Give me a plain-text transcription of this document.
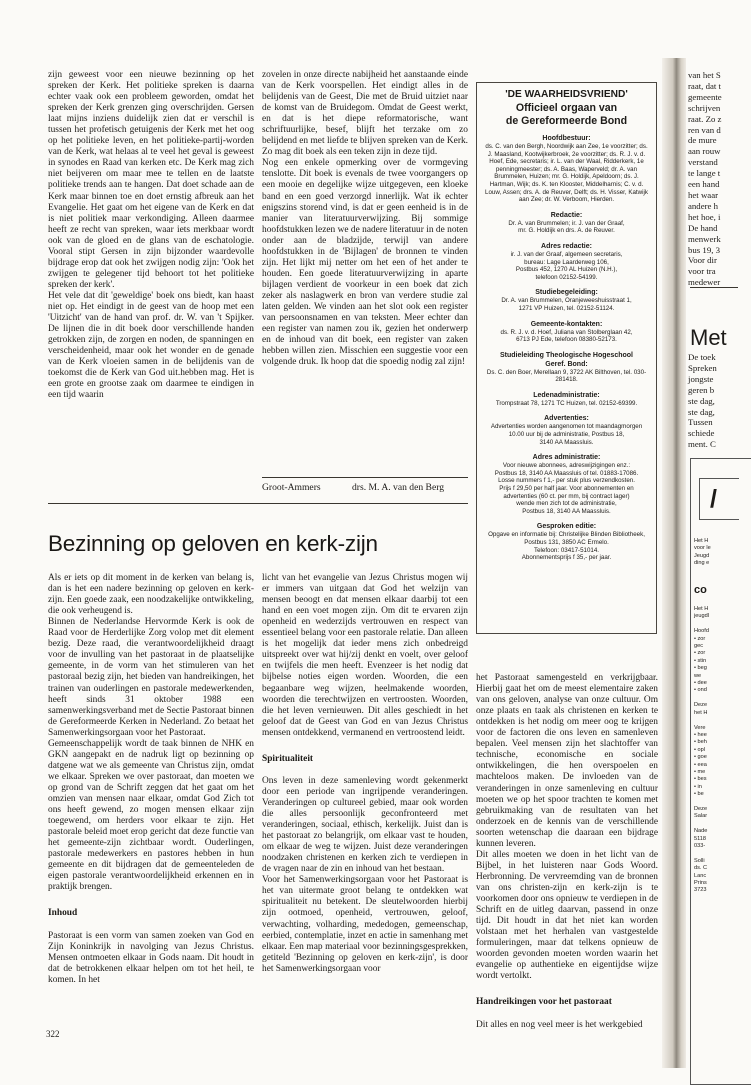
zijn geweest voor een nieuwe bezinning op het spreken der Kerk. Het politieke spreken is daarna echter vaak ook een probleem geworden, omdat het spreken der Kerk grenzen ging overschrijden. Gersen laat mijns inziens duidelijk zien dat er verschil is tussen het profetisch getuigenis der Kerk met het oog op het politieke leven, en het politieke-partij-worden van de Kerk, wat helaas al te veel het geval is geweest in synodes en Raad van kerken etc. De Kerk mag zich niet beijveren om maar mee te tellen en de laatste politieke trends aan te hangen. Dat doet schade aan de Kerk maar binnen toe en doet ernstig afbreuk aan het Evangelie. Het gaat om het eigene van de Kerk en dat is niet politiek maar verkondiging. Alleen daarmee heeft ze recht van spreken, waar iets merkbaar wordt ook van de gloed en de glans van de eschatologie. Vooral stipt Gersen in zijn bijzonder waardevolle bijdrage erop dat ook het zwijgen nodig zijn: 'Ook het zwijgen te gelegener tijd behoort tot het politieke spreken der kerk'.
Het vele dat dit 'geweldige' boek ons biedt, kan haast niet op. Het eindigt in de geest van de hoop met een 'Uitzicht' van de hand van prof. dr. W. van 't Spijker. De lijnen die in dit boek door verschillende handen getrokken zijn, de zorgen en noden, de spanningen en verscheidenheid, maar ook het wonder en de genade van de Kerk vloeien samen in de belijdenis van de toekomst die de Kerk van God uit.hebben mag. Het is een grote en grootse zaak om daarmee te eindigen in een tijd waarin
zovelen in onze directe nabijheid het aanstaande einde van de Kerk voorspellen. Het eindigt alles in de belijdenis van de Geest, Die met de Bruid uitziet naar de komst van de Bruidegom. Omdat de Geest werkt, en dat is het diepe reformatorische, want schriftuurlijke, besef, blijft het terzake om zo belijdend en met liefde te blijven spreken van de Kerk. Zo mag dit boek als een teken zijn in deze tijd.
Nog een enkele opmerking over de vormgeving tenslotte. Dit boek is evenals de twee voorgangers op een mooie en degelijke wijze uitgegeven, een kloeke band en een goed verzorgd innerlijk. Wat ik echter enigszins storend vind, is dat er geen eenheid is in de manier van literatuurverwijzing. Bij sommige hoofdstukken lezen we de nadere literatuur in de noten onder aan de bladzijde, terwijl van andere hoofdstukken in de 'Bijlagen' de bronnen te vinden zijn. Het lijkt mij netter om het een of het ander te houden. Een goede literatuurverwijzing in aparte bijlagen verdient de voorkeur in een boek dat zich zeker als naslagwerk en bron van verdere studie zal laten gelden. We vinden aan het slot ook een register van persoonsnamen en van teksten. Meer echter dan een register van namen zou ik, gezien het onderwerp en de inhoud van dit boek, een register van zaken hebben willen zien. Misschien een suggestie voor een volgende druk. Ik hoop dat die spoedig nodig zal zijn!
Groot-Ammers	drs. M. A. van den Berg
'DE WAARHEIDSVRIEND'
Officieel orgaan van
de Gereformeerde Bond
Hoofdbestuur:
ds. C. van den Bergh, Noordwijk aan Zee, 1e voorzitter; ds. J. Maasland, Kootwijkerbroek, 2e voorzitter; ds. R. J. v. d. Hoef, Ede, secretaris; ir. L. van der Waal, Ridderkerk, 1e penningmeester; ds. A. Baas, Waperveld; dr. A. van Brummelen, Huizen; mr. G. Holdijk, Apeldoorn; ds. J. Hartman, Wijk; ds. K. ten Klooster, Middelharnis; C. v. d. Louw, Assen; drs. A. de Reuver, Delft; ds. H. Visser, Katwijk aan Zee; dr. W. Verboom, Hierden.
Redactie:
Dr. A. van Brummelen; ir. J. van der Graaf,
mr. G. Holdijk en drs. A. de Reuver.
Adres redactie:
ir. J. van der Graaf, algemeen secretaris,
bureau: Lage Laarderweg 106,
Postbus 452, 1270 AL Huizen (N.H.),
telefoon 02152-54199.
Studiebegeleiding:
Dr. A. van Brummelen, Oranjeweeshuisstraat 1,
1271 VP Huizen, tel. 02152-51124.
Gemeente-kontakten:
ds. R. J. v. d. Hoef, Juliana van Stolberglaan 42,
6713 PJ Ede, telefoon 08380-52173.
Studieleiding Theologische Hogeschool
Geref. Bond:
Ds. C. den Boer, Merellaan 9, 3722 AK Bilthoven, tel. 030-281418.
Ledenadministratie:
Trompstraat 78, 1271 TC Huizen, tel. 02152-69399.
Advertenties:
Advertenties worden aangenomen tot maandagmorgen 10.00 uur bij de administratie, Postbus 18,
3140 AA Maassluis.
Adres administratie:
Voor nieuwe abonnees, adreswijzigingen enz.:
Postbus 18, 3140 AA Maassluis of tel. 01883-17086.
Losse nummers f 1,- per stuk plus verzendkosten.
Prijs f 29,50 per half jaar. Voor abonnementen en advertenties (60 ct. per mm, bij contract lager)
wende men zich tot de administratie,
Postbus 18, 3140 AA Maassluis.
Gesproken editie:
Opgave en informatie bij: Christelijke Blinden Bibliotheek, Postbus 131, 3850 AC Ermelo.
Telefoon: 03417-51014.
Abonnementsprijs f 35,- per jaar.
Bezinning op geloven en kerk-zijn

Als er iets op dit moment in de kerken van belang is, dan is het een nadere bezinning op geloven en kerk-zijn. Een goede zaak, een noodzakelijke ontwikkeling, die ook verheugend is.
Binnen de Nederlandse Hervormde Kerk is ook de Raad voor de Herderlijke Zorg volop met dit element bezig. Deze raad, die verantwoordelijkheid draagt voor de invulling van het pastoraat in de plaatselijke gemeente, in de vorm van het stimuleren van het pastoraal bezig zijn, het bieden van handreikingen, het trainen van ouderlingen en pastorale medewerkenden, heeft sinds 31 oktober 1988 een samenwerkingsverband met de Sectie Pastoraat binnen de Gereformeerde Kerken in Nederland. Zo betaat het Samenwerkingsorgaan voor het Pastoraat.
Gemeenschappelijk wordt de taak binnen de NHK en GKN aangepakt en de nadruk ligt op bezinning op datgene wat we als gemeente van Christus zijn, omdat we elkaar. Spreken we over pastoraat, dan moeten we op grond van de Schrift zeggen dat het gaat om het omzien van mensen naar elkaar, omdat God Zich tot ons heeft gewend, zo mogen mensen elkaar zijn toegewend, om herders voor elkaar te zijn. Het pastorale beleid moet erop gericht dat deze functie van het gemeente-zijn zichtbaar wordt. Ouderlingen, pastorale medewerkers en pastores hebben in hun gemeente en dit bijdragen dat de gemeenteleden de eigen pastorale verantwoordelijkheid erkennen en in praktijk brengen.

Inhoud

Pastoraat is een vorm van samen zoeken van God en Zijn Koninkrijk in navolging van Jezus Christus. Mensen ontmoeten elkaar in Gods naam. Dit houdt in dat de betrokkenen elkaar helpen om tot het heil, te komen. In het

licht van het evangelie van Jezus Christus mogen wij er immers van uitgaan dat God het welzijn van mensen beoogt en dat mensen elkaar daarbij tot een hand en een voet mogen zijn. Om dit te ervaren zijn openheid en wederzijds vertrouwen en respect van essentieel belang voor een pastorale relatie. Dan alleen is het mogelijk dat ieder mens zich onbedreigd uitspreekt over wat hij/zij denkt en voelt, over geloof en twijfels die men heeft. Evenzeer is het nodig dat bijbelse noties eigen worden. Woorden, die een begaanbare weg wijzen, heelmakende woorden, woorden die terechtwijzen en vertroosten. Woorden, die het leven vernieuwen. Dit alles geschiedt in het geloof dat de Geest van God en van Jezus Christus mensen ontdekkend, vermanend en vertroostend leidt.

Spiritualiteit

Ons leven in deze samenleving wordt gekenmerkt door een periode van ingrijpende veranderingen. Veranderingen op cultureel gebied, maar ook worden die alles persoonlijk geconfronteerd met veranderingen, sociaal, ethisch, kerkelijk. Juist dan is het pastoraat zo belangrijk, om elkaar vast te houden, om elkaar de weg te wijzen. Juist deze veranderingen noodzaken christenen en kerken zich te verdiepen in de vragen naar de zin en inhoud van het bestaan.
Voor het Samenwerkingsorgaan voor het Pastoraat is het van uitermate groot belang te ontdekken wat spiritualiteit nu betekent. De sleutelwoorden hierbij zijn ootmoed, openheid, vertrouwen, geloof, verwachting, volharding, mededogen, gemeenschap, eerbied, contemplatie, inzet en actie in samenhang met elkaar. Een map materiaal voor bezinningsgesprekken, getiteld 'Bezinning op geloven en kerk-zijn', is door het Samenwerkingsorgaan voor

het Pastoraat samengesteld en verkrijgbaar. Hierbij gaat het om de meest elementaire zaken van ons geloven, analyse van onze cultuur. Om onze plaats en taak als christenen en kerken te ontdekken is het nodig om meer oog te krijgen voor de factoren die ons leven en samenleven bepalen. Veel mensen zijn het slachtoffer van technische, economische en sociale ontwikkelingen, die hen overspoelen en machteloos maken. De invloeden van de veranderingen in onze samenleving en cultuur moeten we op het spoor trachten te komen met gebruikmaking van de resultaten van het onderzoek en de kennis van de verschillende soorten wetenschap die daaraan een bijdrage kunnen leveren.
Dit alles moeten we doen in het licht van de Bijbel, in het luisteren naar Gods Woord. Herbronning. De vervreemding van de bronnen van ons christen-zijn en kerk-zijn is te voorkomen door ons opnieuw te verdiepen in de Schrift en de uitleg daarvan, passend in onze tijd. Dit houdt in dat het niet kan worden volstaan met het herhalen van vastgestelde formuleringen, maar dat telkens opnieuw de woorden gevonden moeten worden waarin het evangelie op authentieke en eigentijdse wijze wordt vertolkt.

Handreikingen voor het pastoraat

Dit alles en nog veel meer is het werkgebied

322
van het S
raat, dat t
gemeente
schrijven
raat. Zo z
ren van d
de mure
aan rouw
verstand
te lange t
een hand
het waar
andere h
het hoe, i
De hand
menwerk
bus 19, 3
Voor dir
voor tra
medewer
Met
De toek
Spreken
jongste
geren b
ste dag,
ste dag,
Tussen
schiede
ment. C
/
Het H
voor le
Jeugd
ding e
co
Het H
jeugdl

Hoofd
• zor
gec
• zor
• stin
• beg
we
• dee
• ond

Deze
het H

Vere
• hee
• beh
• opl
• goe
• eea
• me
• bes
• in
• be

Deze
Salar

Nade
5118
033-

Solli
ds. C
Lanc
Prins
3723
